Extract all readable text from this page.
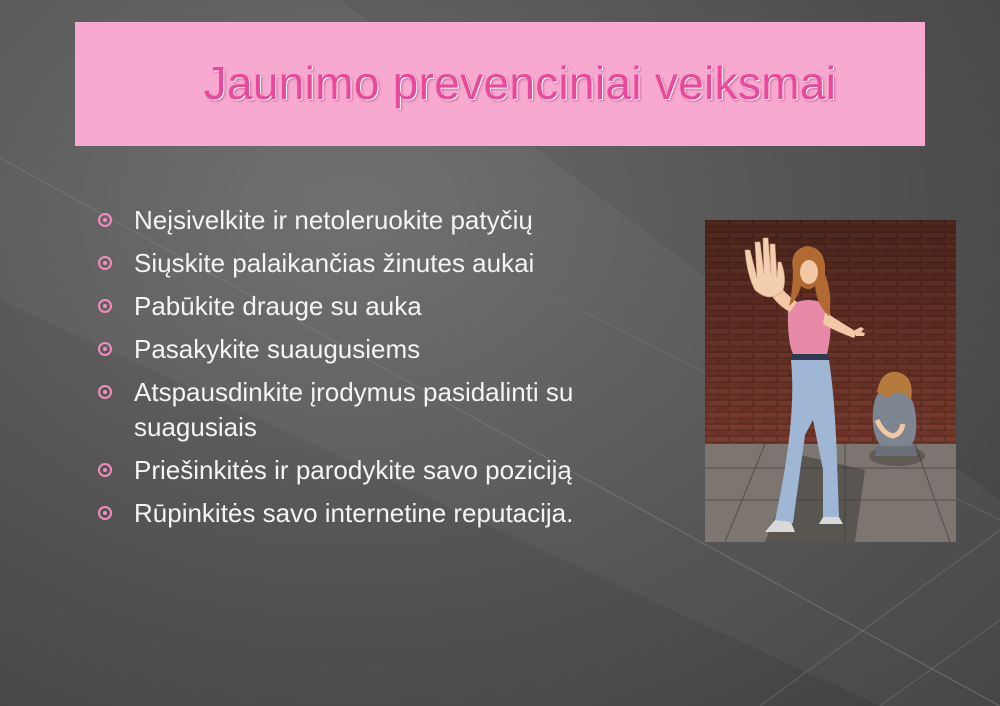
Jaunimo prevenciniai veiksmai
Neįsivelkite ir netoleruokite patyčių
Siųskite palaikančias žinutes aukai
Pabūkite drauge su auka
Pasakykite suaugusiems
Atspausdinkite įrodymus pasidalinti su suagusiais
Priešinkitės ir parodykite savo poziciją
Rūpinkitės savo internetine reputacija.
